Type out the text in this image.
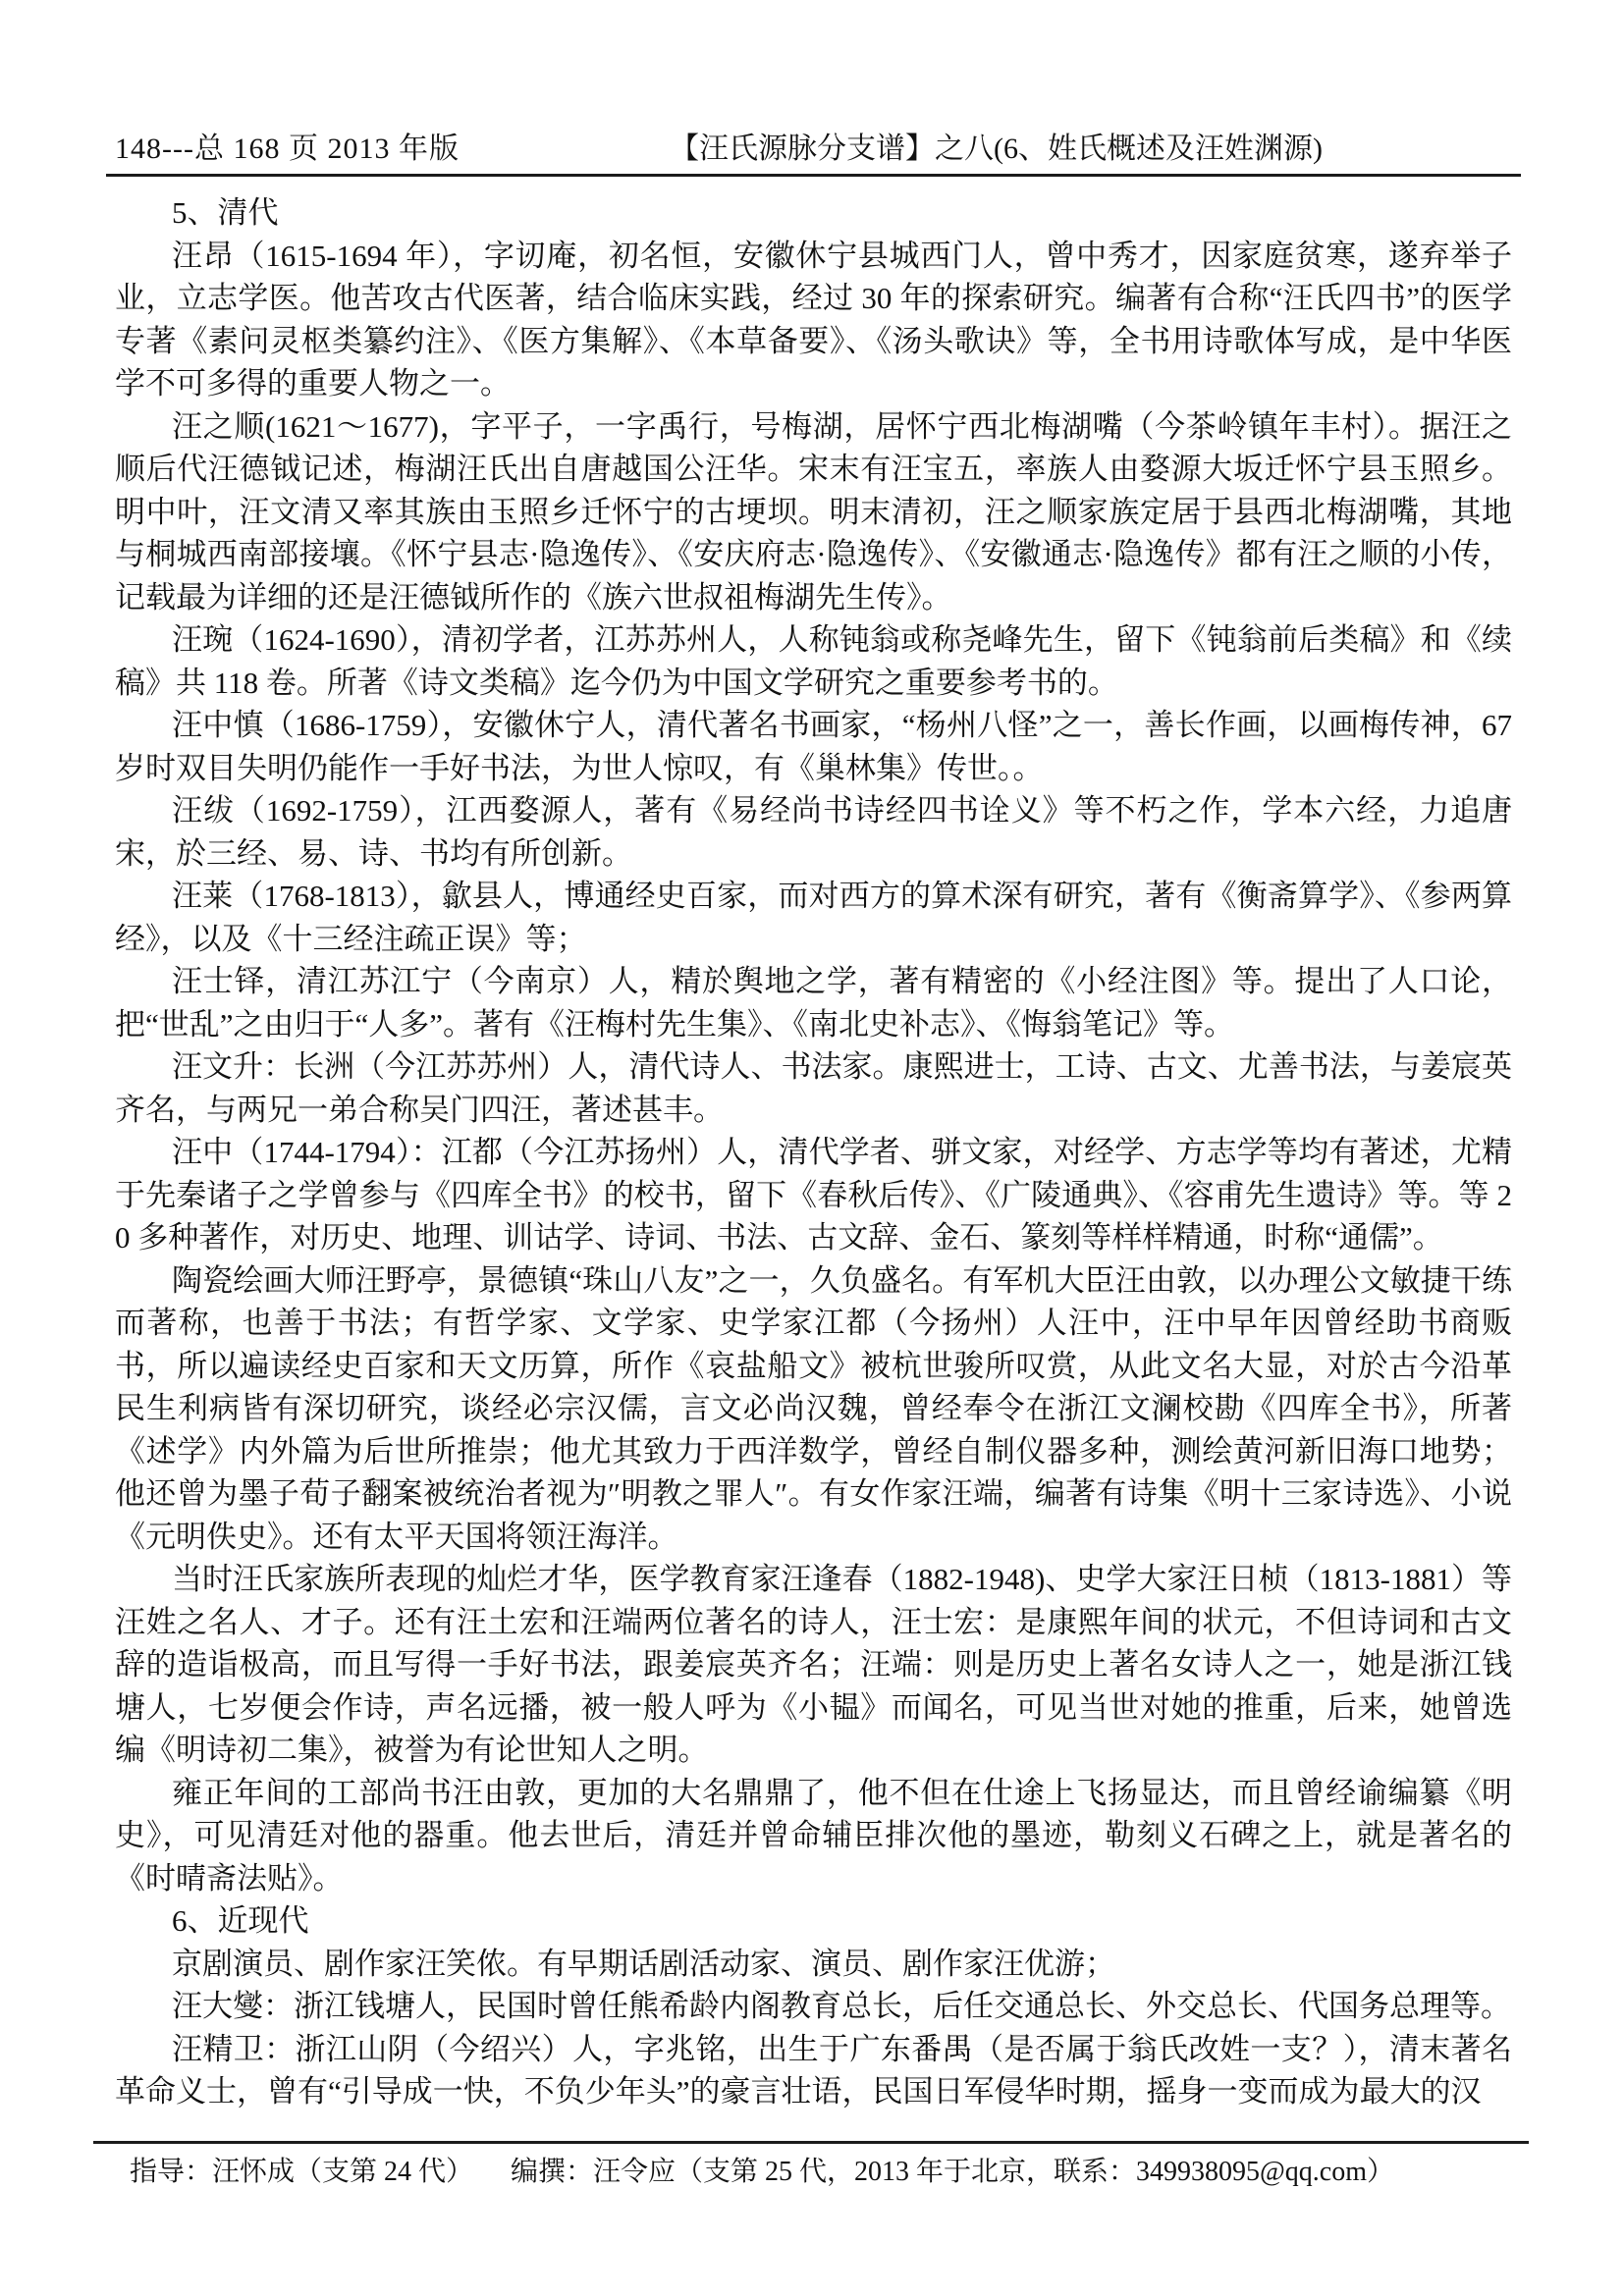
148---总 168 页 2013 年版	【汪氏源脉分支谱】之八(6、姓氏概述及汪姓渊源)

5、清代

汪昂（1615-1694 年），字讱庵，初名恒，安徽休宁县城西门人，曾中秀才，因家庭贫寒，遂弃举子业，立志学医。他苦攻古代医著，结合临床实践，经过 30 年的探索研究。编著有合称“汪氏四书”的医学专著《素问灵枢类纂约注》、《医方集解》、《本草备要》、《汤头歌诀》等，全书用诗歌体写成，是中华医学不可多得的重要人物之一。

汪之顺(1621～1677)，字平子，一字禹行，号梅湖，居怀宁西北梅湖嘴（今茶岭镇年丰村）。据汪之顺后代汪德钺记述，梅湖汪氏出自唐越国公汪华。宋末有汪宝五，率族人由婺源大坂迁怀宁县玉照乡。明中叶，汪文清又率其族由玉照乡迁怀宁的古埂坝。明末清初，汪之顺家族定居于县西北梅湖嘴，其地与桐城西南部接壤。《怀宁县志·隐逸传》、《安庆府志·隐逸传》、《安徽通志·隐逸传》都有汪之顺的小传，记载最为详细的还是汪德钺所作的《族六世叔祖梅湖先生传》。

汪琬（1624-1690），清初学者，江苏苏州人，人称钝翁或称尧峰先生，留下《钝翁前后类稿》和《续稿》共 118 卷。所著《诗文类稿》迄今仍为中国文学研究之重要参考书的。

汪中慎（1686-1759），安徽休宁人，清代著名书画家，“杨州八怪”之一，善长作画，以画梅传神，67 岁时双目失明仍能作一手好书法，为世人惊叹，有《巢林集》传世。。

汪绂（1692-1759），江西婺源人，著有《易经尚书诗经四书诠义》等不朽之作，学本六经，力追唐宋，於三经、易、诗、书均有所创新。

汪莱（1768-1813），歙县人，博通经史百家，而对西方的算术深有研究，著有《衡斋算学》、《参两算经》，以及《十三经注疏正误》等；

汪士铎，清江苏江宁（今南京）人，精於舆地之学，著有精密的《小经注图》等。提出了人口论，把“世乱”之由归于“人多”。著有《汪梅村先生集》、《南北史补志》、《悔翁笔记》等。

汪文升：长洲（今江苏苏州）人，清代诗人、书法家。康熙进士，工诗、古文、尤善书法，与姜宸英齐名，与两兄一弟合称吴门四汪，著述甚丰。

汪中（1744-1794）：江都（今江苏扬州）人，清代学者、骈文家，对经学、方志学等均有著述，尤精于先秦诸子之学曾参与《四库全书》的校书，留下《春秋后传》、《广陵通典》、《容甫先生遗诗》等。等 20 多种著作，对历史、地理、训诂学、诗词、书法、古文辞、金石、篆刻等样样精通，时称“通儒”。

陶瓷绘画大师汪野亭，景德镇“珠山八友”之一，久负盛名。有军机大臣汪由敦，以办理公文敏捷干练而著称，也善于书法；有哲学家、文学家、史学家江都（今扬州）人汪中，汪中早年因曾经助书商贩书，所以遍读经史百家和天文历算，所作《哀盐船文》被杭世骏所叹赏，从此文名大显，对於古今沿革民生利病皆有深切研究，谈经必宗汉儒，言文必尚汉魏，曾经奉令在浙江文澜校勘《四库全书》，所著《述学》内外篇为后世所推崇；他尤其致力于西洋数学，曾经自制仪器多种，测绘黄河新旧海口地势；他还曾为墨子荀子翻案被统治者视为″明教之罪人″。有女作家汪端，编著有诗集《明十三家诗选》、小说《元明佚史》。还有太平天国将领汪海洋。

当时汪氏家族所表现的灿烂才华，医学教育家汪逢春（1882-1948)、史学大家汪日桢（1813-1881）等汪姓之名人、才子。还有汪土宏和汪端两位著名的诗人，汪士宏：是康熙年间的状元，不但诗词和古文辞的造诣极高，而且写得一手好书法，跟姜宸英齐名；汪端：则是历史上著名女诗人之一，她是浙江钱塘人，七岁便会作诗，声名远播，被一般人呼为《小韫》而闻名，可见当世对她的推重，后来，她曾选编《明诗初二集》，被誉为有论世知人之明。

雍正年间的工部尚书汪由敦，更加的大名鼎鼎了，他不但在仕途上飞扬显达，而且曾经谕编纂《明史》，可见清廷对他的器重。他去世后，清廷并曾命辅臣排次他的墨迹，勒刻义石碑之上，就是著名的《时晴斋法贴》。

6、近现代

京剧演员、剧作家汪笑侬。有早期话剧活动家、演员、剧作家汪优游；

汪大燮：浙江钱塘人，民国时曾任熊希龄内阁教育总长，后任交通总长、外交总长、代国务总理等。

汪精卫：浙江山阴（今绍兴）人，字兆铭，出生于广东番禺（是否属于翁氏改姓一支？），清末著名革命义士，曾有“引导成一快，不负少年头”的豪言壮语，民国日军侵华时期，摇身一变而成为最大的汉

指导：汪怀成（支第 24 代） 编撰：汪令应（支第 25 代，2013 年于北京，联系：349938095@qq.com）
